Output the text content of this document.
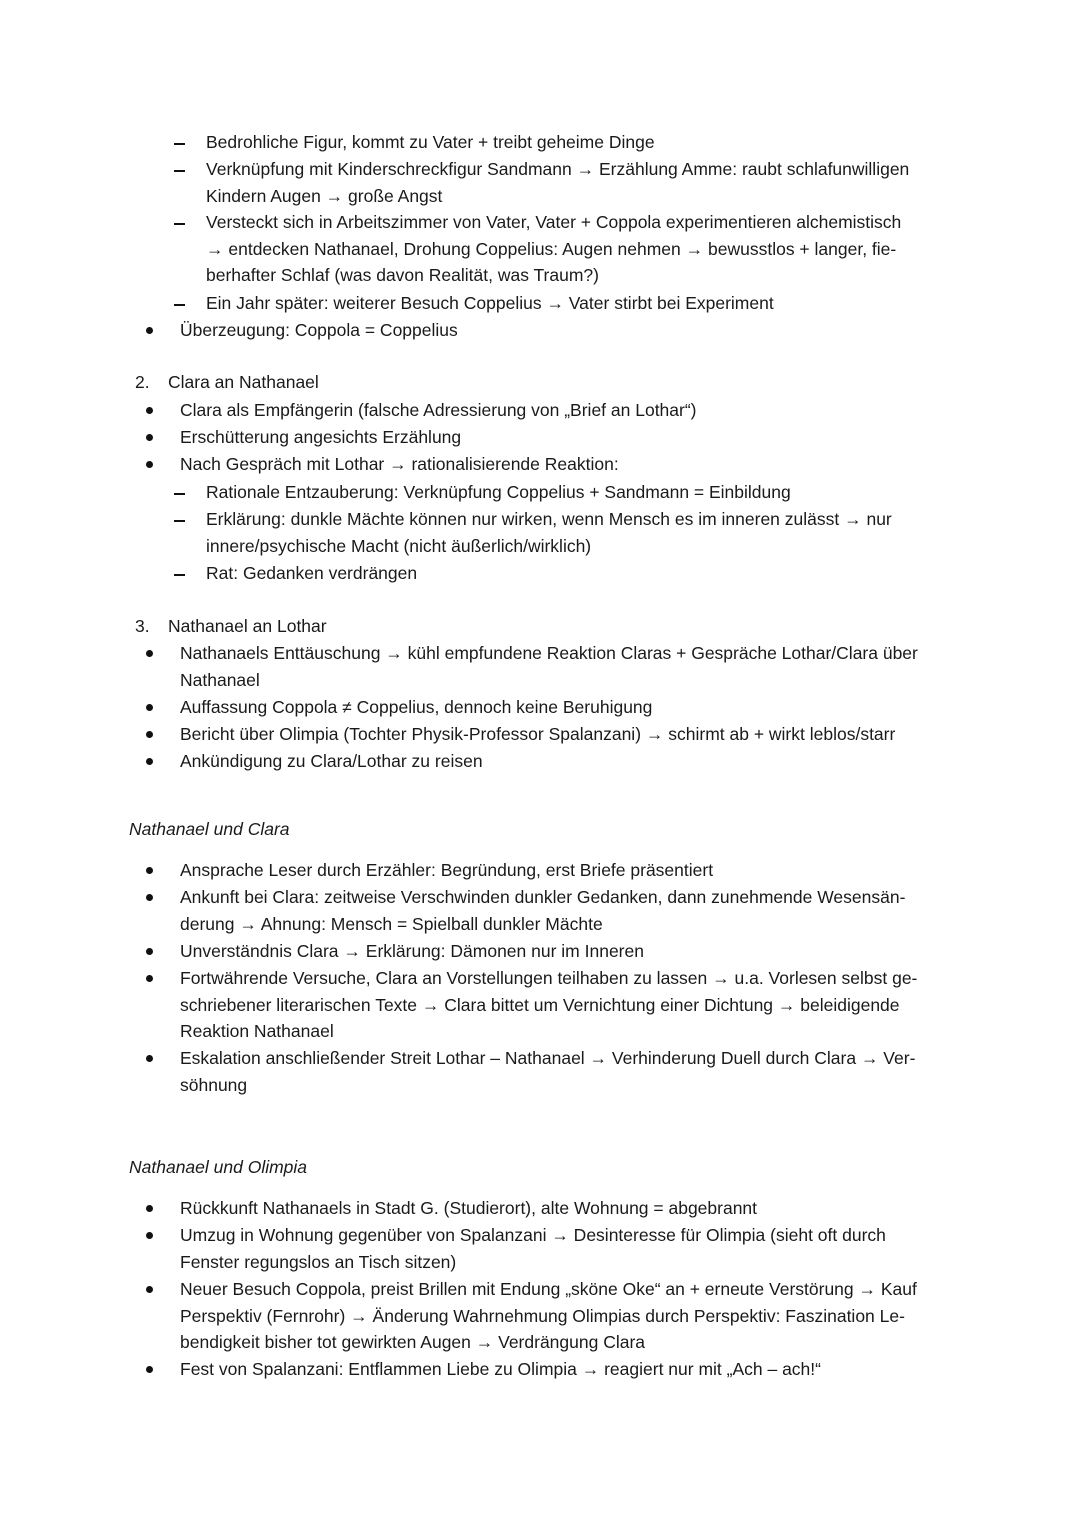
Bedrohliche Figur, kommt zu Vater + treibt geheime Dinge
Verknüpfung mit Kinderschreckfigur Sandmann → Erzählung Amme: raubt schlafunwilligen
Kindern Augen → große Angst
Versteckt sich in Arbeitszimmer von Vater, Vater + Coppola experimentieren alchemistisch
→ entdecken Nathanael, Drohung Coppelius: Augen nehmen → bewusstlos + langer, fie-
berhafter Schlaf (was davon Realität, was Traum?)
Ein Jahr später: weiterer Besuch Coppelius → Vater stirbt bei Experiment
Überzeugung: Coppola = Coppelius
2. Clara an Nathanael
Clara als Empfängerin (falsche Adressierung von „Brief an Lothar“)
Erschütterung angesichts Erzählung
Nach Gespräch mit Lothar → rationalisierende Reaktion:
Rationale Entzauberung: Verknüpfung Coppelius + Sandmann = Einbildung
Erklärung: dunkle Mächte können nur wirken, wenn Mensch es im inneren zulässt → nur
innere/psychische Macht (nicht äußerlich/wirklich)
Rat: Gedanken verdrängen
3. Nathanael an Lothar
Nathanaels Enttäuschung → kühl empfundene Reaktion Claras + Gespräche Lothar/Clara über
Nathanael
Auffassung Coppola ≠ Coppelius, dennoch keine Beruhigung
Bericht über Olimpia (Tochter Physik-Professor Spalanzani) → schirmt ab + wirkt leblos/starr
Ankündigung zu Clara/Lothar zu reisen
Nathanael und Clara
Ansprache Leser durch Erzähler: Begründung, erst Briefe präsentiert
Ankunft bei Clara: zeitweise Verschwinden dunkler Gedanken, dann zunehmende Wesensän-
derung → Ahnung: Mensch = Spielball dunkler Mächte
Unverständnis Clara → Erklärung: Dämonen nur im Inneren
Fortwährende Versuche, Clara an Vorstellungen teilhaben zu lassen → u.a. Vorlesen selbst ge-
schriebener literarischen Texte → Clara bittet um Vernichtung einer Dichtung → beleidigende
Reaktion Nathanael
Eskalation anschließender Streit Lothar – Nathanael → Verhinderung Duell durch Clara → Ver-
söhnung
Nathanael und Olimpia
Rückkunft Nathanaels in Stadt G. (Studierort), alte Wohnung = abgebrannt
Umzug in Wohnung gegenüber von Spalanzani → Desinteresse für Olimpia (sieht oft durch
Fenster regungslos an Tisch sitzen)
Neuer Besuch Coppola, preist Brillen mit Endung „sköne Oke“ an + erneute Verstörung → Kauf
Perspektiv (Fernrohr) → Änderung Wahrnehmung Olimpias durch Perspektiv: Faszination Le-
bendigkeit bisher tot gewirkten Augen → Verdrängung Clara
Fest von Spalanzani: Entflammen Liebe zu Olimpia → reagiert nur mit „Ach – ach!“
